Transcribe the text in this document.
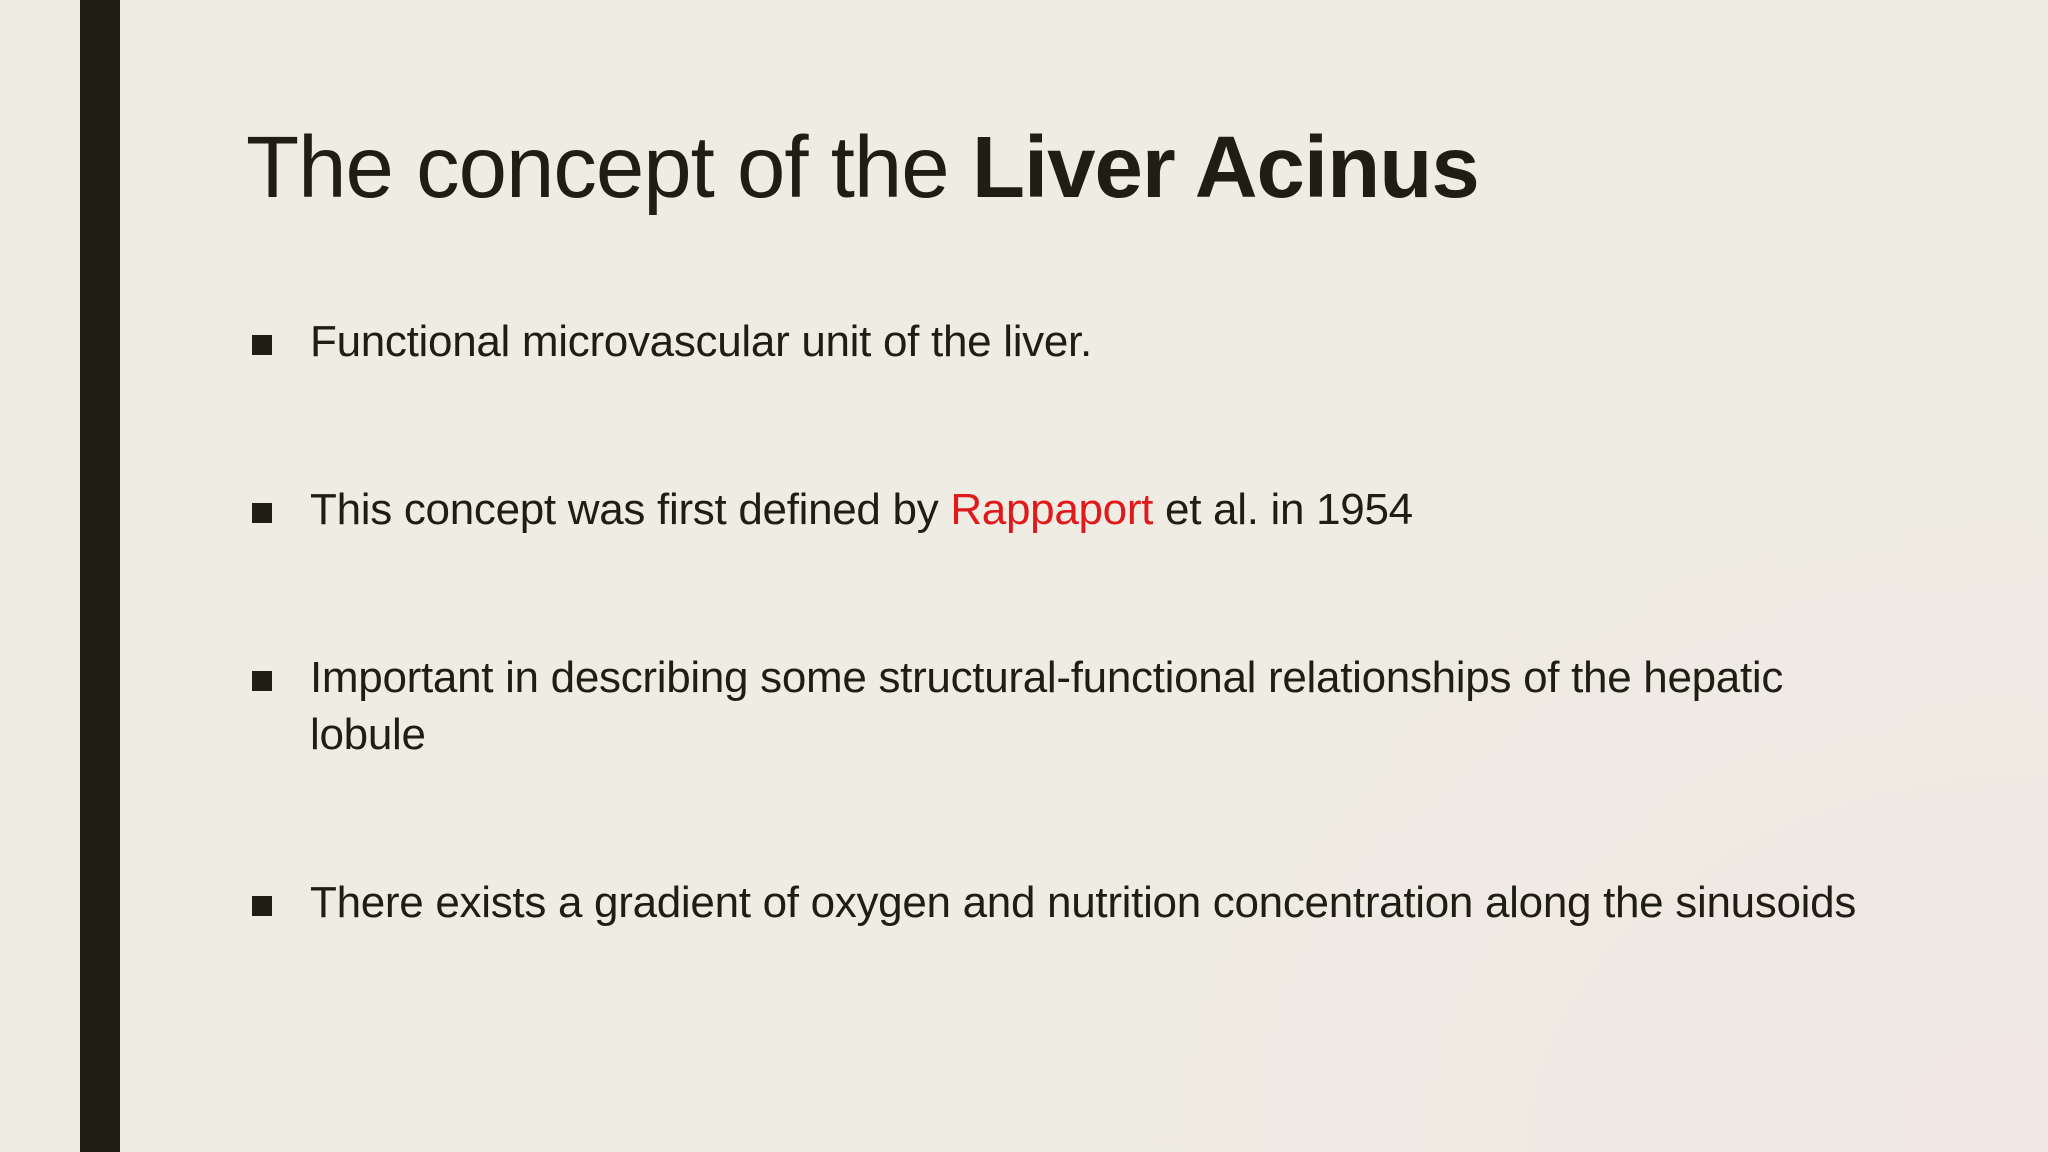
The concept of the Liver Acinus
Functional microvascular unit of the liver.
This concept was first defined by Rappaport et al. in 1954
Important in describing some structural-functional relationships of the hepatic lobule
There exists a gradient of oxygen and nutrition concentration along the sinusoids
